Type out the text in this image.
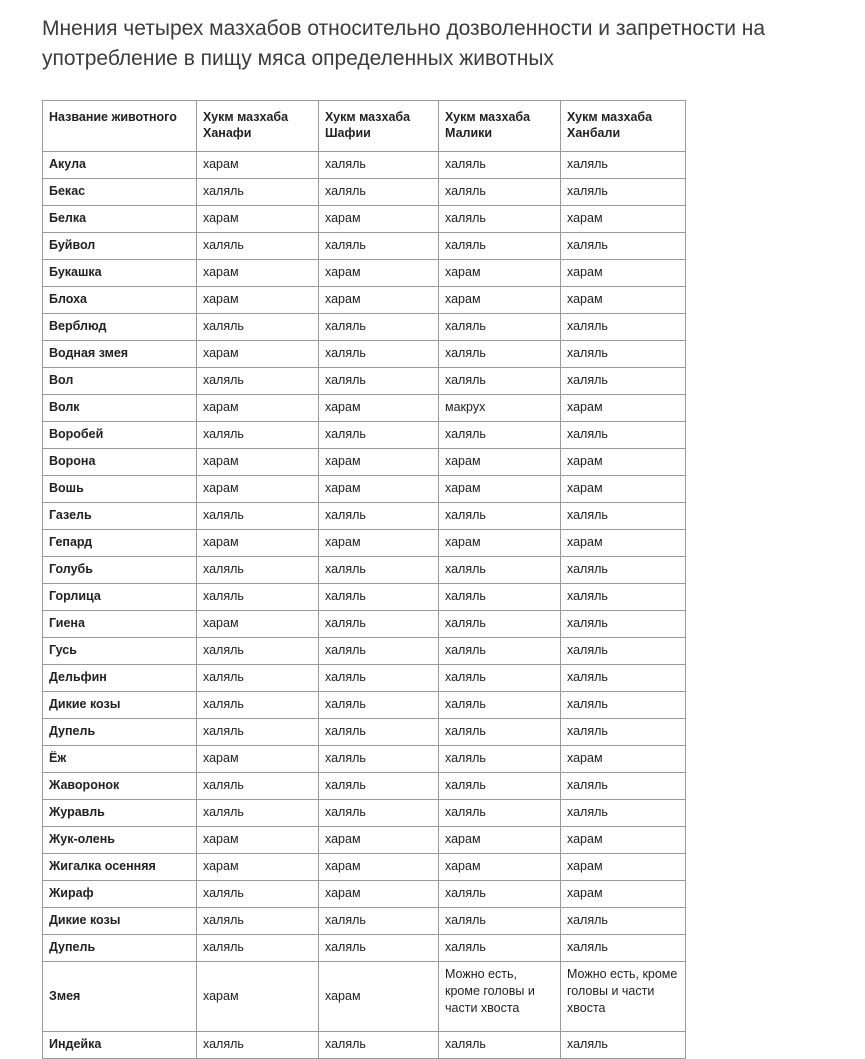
Мнения четырех мазхабов относительно дозволенности и запретности на употребление в пищу мяса определенных животных
Название животного	Хукм мазхаба Ханафи	Хукм мазхаба Шафии	Хукм мазхаба Малики	Хукм мазхаба Ханбали
Акула	харам	халяль	халяль	халяль
Бекас	халяль	халяль	халяль	халяль
Белка	харам	харам	халяль	харам
Буйвол	халяль	халяль	халяль	халяль
Букашка	харам	харам	харам	харам
Блоха	харам	харам	харам	харам
Верблюд	халяль	халяль	халяль	халяль
Водная змея	харам	халяль	халяль	халяль
Вол	халяль	халяль	халяль	халяль
Волк	харам	харам	макрух	харам
Воробей	халяль	халяль	халяль	халяль
Ворона	харам	харам	харам	харам
Вошь	харам	харам	харам	харам
Газель	халяль	халяль	халяль	халяль
Гепард	харам	харам	харам	харам
Голубь	халяль	халяль	халяль	халяль
Горлица	халяль	халяль	халяль	халяль
Гиена	харам	халяль	халяль	халяль
Гусь	халяль	халяль	халяль	халяль
Дельфин	халяль	халяль	халяль	халяль
Дикие козы	халяль	халяль	халяль	халяль
Дупель	халяль	халяль	халяль	халяль
Ёж	харам	халяль	халяль	харам
Жаворонок	халяль	халяль	халяль	халяль
Журавль	халяль	халяль	халяль	халяль
Жук-олень	харам	харам	харам	харам
Жигалка осенняя	харам	харам	харам	харам
Жираф	халяль	харам	халяль	харам
Дикие козы	халяль	халяль	халяль	халяль
Дупель	халяль	халяль	халяль	халяль
Змея	харам	харам	Можно есть, кроме головы и части хвоста	Можно есть, кроме головы и части хвоста
Индейка	халяль	халяль	халяль	халяль
